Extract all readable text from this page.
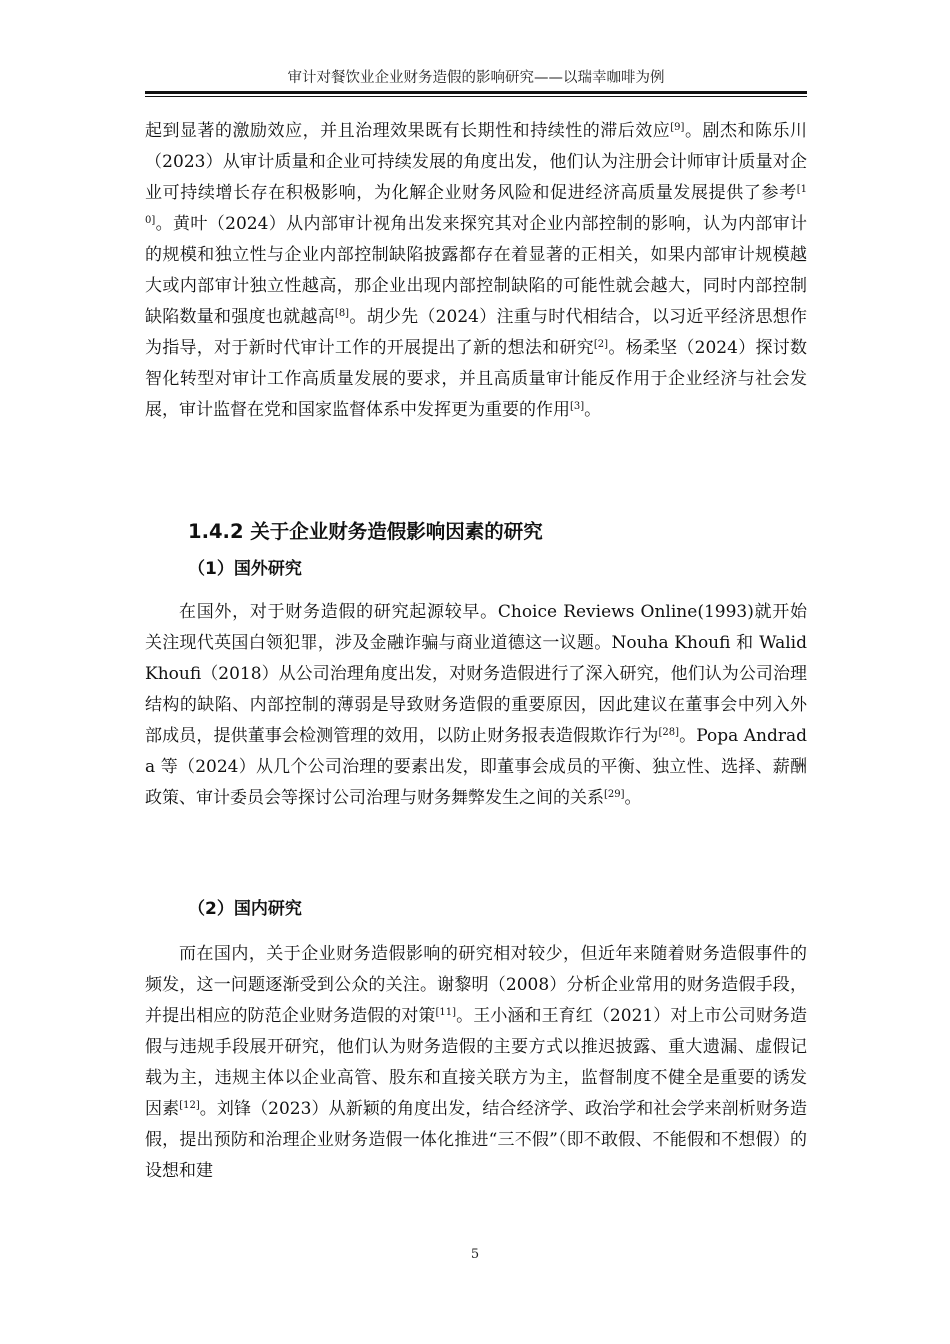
审计对餐饮业企业财务造假的影响研究——以瑞幸咖啡为例

起到显著的激励效应，并且治理效果既有长期性和持续性的滞后效应[9]。剧杰和陈乐川（2023）从审计质量和企业可持续发展的角度出发，他们认为注册会计师审计质量对企业可持续增长存在积极影响，为化解企业财务风险和促进经济高质量发展提供了参考[10]。黄叶（2024）从内部审计视角出发来探究其对企业内部控制的影响，认为内部审计的规模和独立性与企业内部控制缺陷披露都存在着显著的正相关，如果内部审计规模越大或内部审计独立性越高，那企业出现内部控制缺陷的可能性就会越大，同时内部控制缺陷数量和强度也就越高[8]。胡少先（2024）注重与时代相结合，以习近平经济思想作为指导，对于新时代审计工作的开展提出了新的想法和研究[2]。杨柔坚（2024）探讨数智化转型对审计工作高质量发展的要求，并且高质量审计能反作用于企业经济与社会发展，审计监督在党和国家监督体系中发挥更为重要的作用[3]。

1.4.2 关于企业财务造假影响因素的研究
（1）国外研究

在国外，对于财务造假的研究起源较早。Choice Reviews Online(1993)就开始关注现代英国白领犯罪，涉及金融诈骗与商业道德这一议题。Nouha Khoufi 和 Walid Khoufi（2018）从公司治理角度出发，对财务造假进行了深入研究，他们认为公司治理结构的缺陷、内部控制的薄弱是导致财务造假的重要原因，因此建议在董事会中列入外部成员，提供董事会检测管理的效用，以防止财务报表造假欺诈行为[28]。Popa Andrada 等（2024）从几个公司治理的要素出发，即董事会成员的平衡、独立性、选择、薪酬政策、审计委员会等探讨公司治理与财务舞弊发生之间的关系[29]。

（2）国内研究

而在国内，关于企业财务造假影响的研究相对较少，但近年来随着财务造假事件的频发，这一问题逐渐受到公众的关注。谢黎明（2008）分析企业常用的财务造假手段，并提出相应的防范企业财务造假的对策[11]。王小涵和王育红（2021）对上市公司财务造假与违规手段展开研究，他们认为财务造假的主要方式以推迟披露、重大遗漏、虚假记载为主，违规主体以企业高管、股东和直接关联方为主，监督制度不健全是重要的诱发因素[12]。刘锋（2023）从新颖的角度出发，结合经济学、政治学和社会学来剖析财务造假，提出预防和治理企业财务造假一体化推进“三不假”（即不敢假、不能假和不想假）的设想和建

5
